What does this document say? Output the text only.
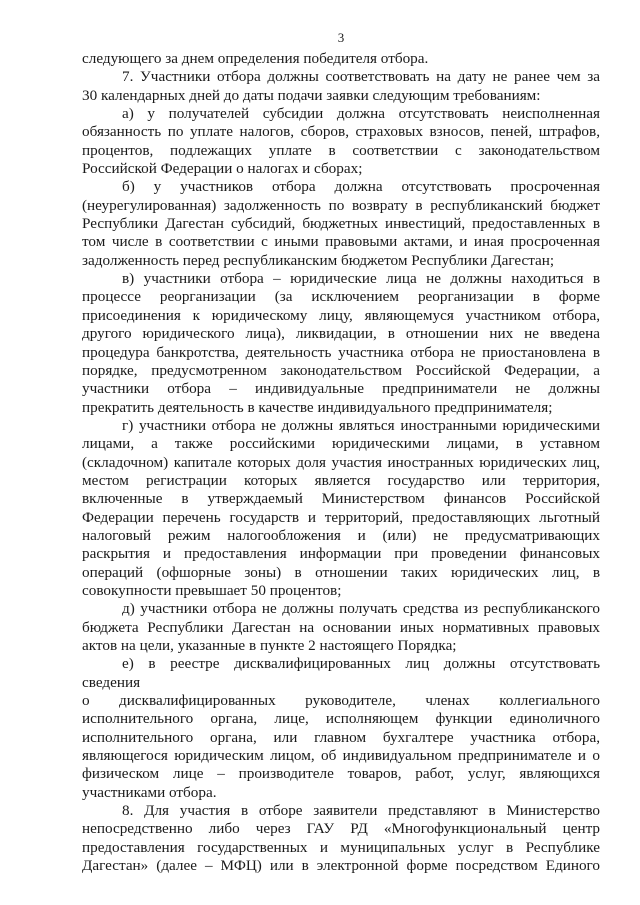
3
следующего за днем определения победителя отбора.
7. Участники отбора должны соответствовать на дату не ранее чем за
30 календарных дней до даты подачи заявки следующим требованиям:
а) у получателей субсидии должна отсутствовать неисполненная
обязанность по уплате налогов, сборов, страховых взносов, пеней, штрафов,
процентов, подлежащих уплате в соответствии с законодательством
Российской Федерации о налогах и сборах;
б) у участников отбора должна отсутствовать просроченная
(неурегулированная) задолженность по возврату в республиканский бюджет
Республики Дагестан субсидий, бюджетных инвестиций, предоставленных в
том числе в соответствии с иными правовыми актами, и иная просроченная
задолженность перед республиканским бюджетом Республики Дагестан;
в) участники отбора – юридические лица не должны находиться в
процессе реорганизации (за исключением реорганизации в форме
присоединения к юридическому лицу, являющемуся участником отбора,
другого юридического лица), ликвидации, в отношении них не введена
процедура банкротства, деятельность участника отбора не приостановлена в
порядке, предусмотренном законодательством Российской Федерации, а
участники отбора – индивидуальные предприниматели не должны
прекратить деятельность в качестве индивидуального предпринимателя;
г) участники отбора не должны являться иностранными юридическими
лицами, а также российскими юридическими лицами, в уставном
(складочном) капитале которых доля участия иностранных юридических лиц,
местом регистрации которых является государство или территория,
включенные в утверждаемый Министерством финансов Российской
Федерации перечень государств и территорий, предоставляющих льготный
налоговый режим налогообложения и (или) не предусматривающих
раскрытия и предоставления информации при проведении финансовых
операций (офшорные зоны) в отношении таких юридических лиц, в
совокупности превышает 50 процентов;
д) участники отбора не должны получать средства из республиканского
бюджета Республики Дагестан на основании иных нормативных правовых
актов на цели, указанные в пункте 2 настоящего Порядка;
е) в реестре дисквалифицированных лиц должны отсутствовать
сведения
о дисквалифицированных руководителе, членах коллегиального
исполнительного органа, лице, исполняющем функции единоличного
исполнительного органа, или главном бухгалтере участника отбора,
являющегося юридическим лицом, об индивидуальном предпринимателе и о
физическом лице – производителе товаров, работ, услуг, являющихся
участниками отбора.
8. Для участия в отборе заявители представляют в Министерство
непосредственно либо через ГАУ РД «Многофункциональный центр
предоставления государственных и муниципальных услуг в Республике
Дагестан» (далее – МФЦ) или в электронной форме посредством Единого
